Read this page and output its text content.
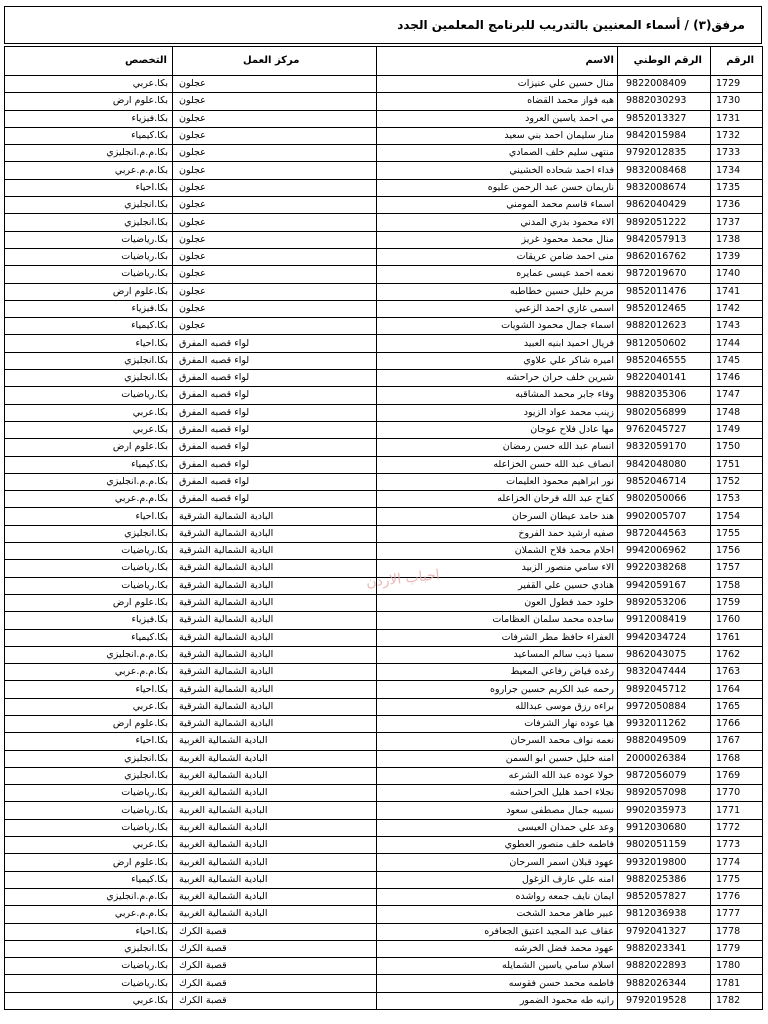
مرفق(٣) / أسماء المعنيين بالتدريب للبرنامج المعلمين الجدد
الرقم	الرقم الوطني	الاسم	مركز العمل	التخصص
1729	9822008409	منال حسين علي عنيزات	عجلون	بكا.عربي
1730	9882030293	هبه فواز محمد القضاه	عجلون	بكا.علوم ارض
1731	9852013327	مي احمد ياسين العرود	عجلون	بكا.فيزياء
1732	9842015984	منار سليمان احمد بني سعيد	عجلون	بكا.كيمياء
1733	9792012835	منتهى سليم خلف الصمادي	عجلون	بكا.م.م.انجليزي
1734	9832008468	فداء احمد شحاده الخشيني	عجلون	بكا.م.م.عربي
1735	9832008674	ناريمان حسن عبد الرحمن عليوه	عجلون	بكا.احياء
1736	9862040429	اسماء قاسم محمد المومني	عجلون	بكا.انجليزي
1737	9892051222	الاء محمود بدري المدني	عجلون	بكا.انجليزي
1738	9842057913	منال محمد محمود غريز	عجلون	بكا.رياضيات
1739	9862016762	منى احمد ضامن عريقات	عجلون	بكا.رياضيات
1740	9872019670	نعمه احمد عيسى عمايره	عجلون	بكا.رياضيات
1741	9852011476	مريم خليل حسين خطاطبه	عجلون	بكا.علوم ارض
1742	9852012465	اسمى غازي احمد الزعبي	عجلون	بكا.فيزياء
1743	9882012623	اسماء جمال محمود الشويات	عجلون	بكا.كيمياء
1744	9812050602	فريال احميد ابنيه العبيد	لواء قصبه المفرق	بكا.احياء
1745	9852046555	اميره شاكر علي علاوي	لواء قصبه المفرق	بكا.انجليزي
1746	9822040141	شيرين خلف حران حراحشه	لواء قصبه المفرق	بكا.انجليزي
1747	9882035306	وفاء جابر محمد المشاقبه	لواء قصبه المفرق	بكا.رياضيات
1748	9802056899	زينب محمد عواد الزيود	لواء قصبه المفرق	بكا.عربي
1749	9762045727	مها عادل فلاح عوجان	لواء قصبه المفرق	بكا.عربي
1750	9832059170	انسام عبد الله حسن رمضان	لواء قصبه المفرق	بكا.علوم ارض
1751	9842048080	انصاف عبد الله حسن الخزاعله	لواء قصبه المفرق	بكا.كيمياء
1752	9852046714	نور ابراهيم محمود العليمات	لواء قصبه المفرق	بكا.م.م.انجليزي
1753	9802050066	كفاح عبد الله فرحان الخزاعله	لواء قصبه المفرق	بكا.م.م.عربي
1754	9902005707	هند حامد عيطان السرحان	البادية الشمالية الشرقية	بكا.احياء
1755	9872044563	صفيه ارشيد حمد الفروخ	البادية الشمالية الشرقية	بكا.انجليزي
1756	9942006962	احلام محمد فلاح الشملان	البادية الشمالية الشرقية	بكا.رياضيات
1757	9922038268	الاء سامي منصور الزبيد	البادية الشمالية الشرقية	بكا.رياضيات
1758	9942059167	هنادي حسين علي القفير	البادية الشمالية الشرقية	بكا.رياضيات
1759	9892053206	خلود حمد فطول العون	البادية الشمالية الشرقية	بكا.علوم ارض
1760	9912008419	ساجده محمد سلمان العظامات	البادية الشمالية الشرقية	بكا.فيزياء
1761	9942034724	العفراء حافظ مطر الشرفات	البادية الشمالية الشرقية	بكا.كيمياء
1762	9862043075	سميا ذيب سالم المساعيد	البادية الشمالية الشرقية	بكا.م.م.انجليزي
1763	9832047444	رغده فياض رفاعي المعيط	البادية الشمالية الشرقية	بكا.م.م.عربي
1764	9892045712	رحمه عبد الكريم حسين جراروه	البادية الشمالية الشرقية	بكا.احياء
1765	9972050884	براءه رزق موسى عبدالله	البادية الشمالية الشرقية	بكا.عربي
1766	9932011262	هيا عوده نهار الشرفات	البادية الشمالية الشرقية	بكا.علوم ارض
1767	9882049509	نعمه نواف محمد السرحان	البادية الشمالية الغربية	بكا.احياء
1768	2000026384	امنه خليل حسين ابو السمن	البادية الشمالية الغربية	بكا.انجليزي
1769	9872056079	خولا عوده عبد الله الشرعه	البادية الشمالية الغربية	بكا.انجليزي
1770	9892057098	نجلاء احمد هليل الحراحشه	البادية الشمالية الغربية	بكا.رياضيات
1771	9902035973	نسيبه جمال مصطفى سعود	البادية الشمالية الغربية	بكا.رياضيات
1772	9912030680	وعد علي حمدان العيسى	البادية الشمالية الغربية	بكا.رياضيات
1773	9802051159	فاطمه خلف منصور العطوي	البادية الشمالية الغربية	بكا.عربي
1774	9932019800	عهود قبلان اسمر السرحان	البادية الشمالية الغربية	بكا.علوم ارض
1775	9882025386	امنه علي عارف الزغول	البادية الشمالية الغربية	بكا.كيمياء
1776	9852057827	ايمان نايف جمعه رواشده	البادية الشمالية الغربية	بكا.م.م.انجليزي
1777	9812036938	عبير طاهر محمد الشخت	البادية الشمالية الغربية	بكا.م.م.عربي
1778	9792041327	عفاف عبد المجيد اعتيق الجعافره	قصبة الكرك	بكا.احياء
1779	9882023341	عهود محمد فضل الخرشه	قصبة الكرك	بكا.انجليزي
1780	9882022893	اسلام سامي ياسين الشمايله	قصبة الكرك	بكا.رياضيات
1781	9882026344	فاطمه محمد حسن فقوسه	قصبة الكرك	بكا.رياضيات
1782	9792019528	رانيه طه محمود الضمور	قصبة الكرك	بكا.عربي
احباب الاردن
